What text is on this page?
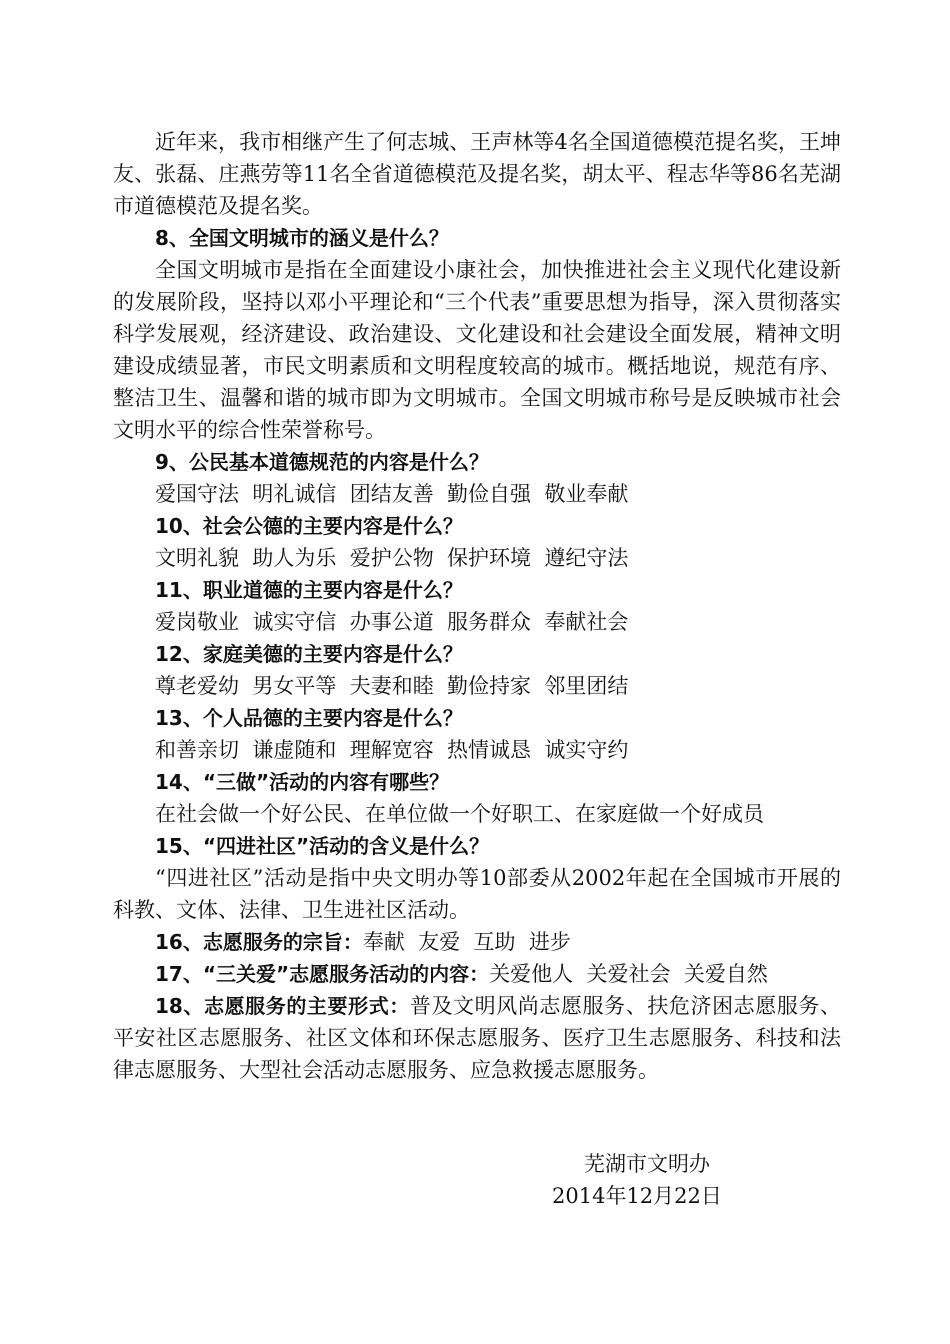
近年来，我市相继产生了何志城、王声林等4名全国道德模范提名奖，王坤友、张磊、庄燕劳等11名全省道德模范及提名奖，胡太平、程志华等86名芜湖市道德模范及提名奖。

8、全国文明城市的涵义是什么？

全国文明城市是指在全面建设小康社会，加快推进社会主义现代化建设新的发展阶段，坚持以邓小平理论和“三个代表”重要思想为指导，深入贯彻落实科学发展观，经济建设、政治建设、文化建设和社会建设全面发展，精神文明建设成绩显著，市民文明素质和文明程度较高的城市。概括地说，规范有序、整洁卫生、温馨和谐的城市即为文明城市。全国文明城市称号是反映城市社会文明水平的综合性荣誉称号。

9、公民基本道德规范的内容是什么？

爱国守法  明礼诚信  团结友善  勤俭自强  敬业奉献

10、社会公德的主要内容是什么？

文明礼貌  助人为乐  爱护公物  保护环境  遵纪守法

11、职业道德的主要内容是什么？

爱岗敬业  诚实守信  办事公道  服务群众  奉献社会

12、家庭美德的主要内容是什么？

尊老爱幼  男女平等  夫妻和睦  勤俭持家  邻里团结

13、个人品德的主要内容是什么？

和善亲切  谦虚随和  理解宽容  热情诚恳  诚实守约

14、“三做”活动的内容有哪些？

在社会做一个好公民、在单位做一个好职工、在家庭做一个好成员

15、“四进社区”活动的含义是什么？

“四进社区”活动是指中央文明办等10部委从2002年起在全国城市开展的科教、文体、法律、卫生进社区活动。

16、志愿服务的宗旨：奉献  友爱  互助  进步

17、“三关爱”志愿服务活动的内容：关爱他人  关爱社会  关爱自然

18、志愿服务的主要形式：普及文明风尚志愿服务、扶危济困志愿服务、平安社区志愿服务、社区文体和环保志愿服务、医疗卫生志愿服务、科技和法律志愿服务、大型社会活动志愿服务、应急救援志愿服务。

芜湖市文明办
2014年12月22日
